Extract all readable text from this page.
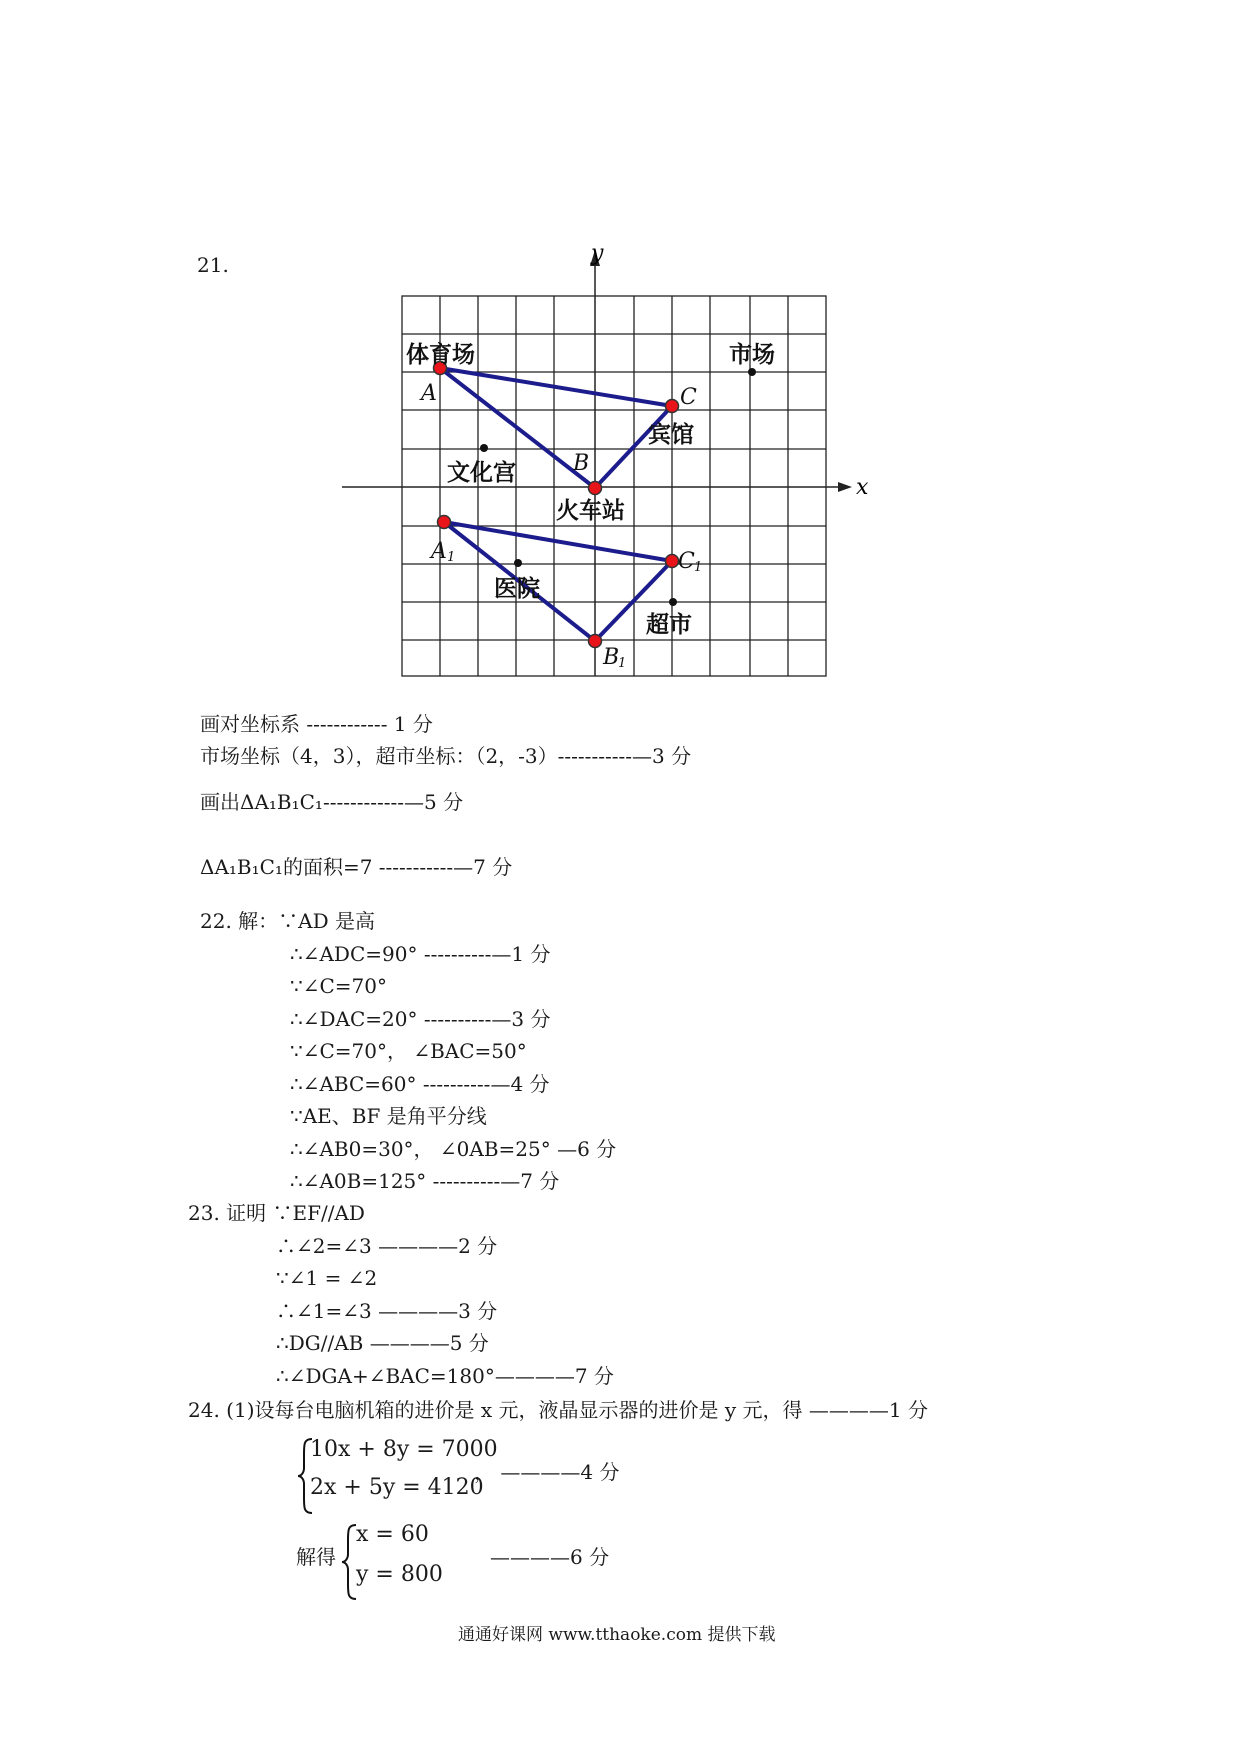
21.
x
y
体育场	市场
宾馆
文化宫
火车站
医院
超市
A	C
B
A	C
B
1
1
1
画对坐标系 ------------ 1 分
市场坐标（4，3），超市坐标：（2，-3）-----------—3 分
画出ΔA₁B₁C₁------------—5 分
ΔA₁B₁C₁的面积=7 -----------—7 分
22. 解：∵AD 是高
∴∠ADC=90° ----------—1 分
∵∠C=70°
∴∠DAC=20° ----------—3 分
∵∠C=70°， ∠BAC=50°
∴∠ABC=60° ----------—4 分
∵AE、BF 是角平分线
∴∠AB0=30°， ∠0AB=25° —6 分
∴∠A0B=125° ----------—7 分
23. 证明 ∵EF//AD
∴∠2=∠3 ————2 分
∵∠1 = ∠2
∴∠1=∠3 ————3 分
∴DG//AB ————5 分
∴∠DGA+∠BAC=180°————7 分
24. (1)设每台电脑机箱的进价是 x 元，液晶显示器的进价是 y 元，得 ————1 分
10x + 8y = 7000
2x + 5y = 4120
， ————4 分
解得
x = 60
y = 800
————6 分
通通好课网 www.tthaoke.com 提供下载
